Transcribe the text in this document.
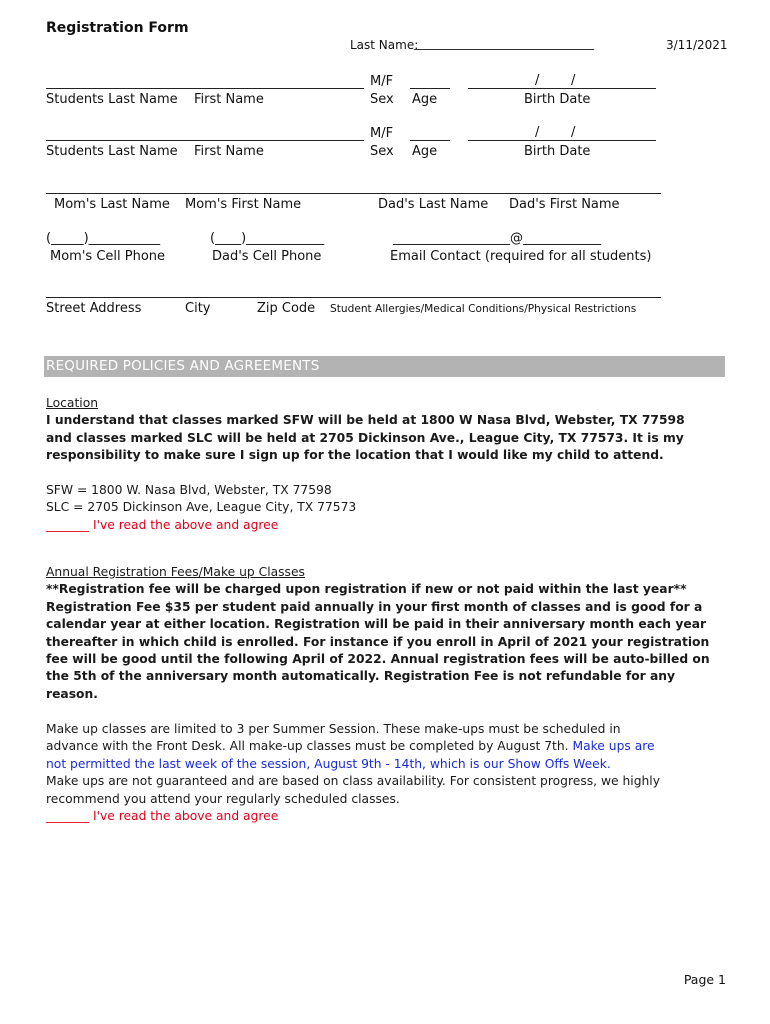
Registration Form
Last Name:
______________________________	3/11/2021
M/F	/ /
Students Last Name First Name	Sex Age	Birth Date
M/F	/ /
Students Last Name First Name	Sex Age	Birth Date
Mom's Last Name Mom's First Name	Dad's Last Name Dad's First Name
(_____)___________	(____)____________	__________________@____________
Mom's Cell Phone	Dad's Cell Phone	Email Contact (required for all students)
Street Address	City	Zip Code Student Allergies/Medical Conditions/Physical Restrictions
REQUIRED POLICIES AND AGREEMENTS
Location
I understand that classes marked SFW will be held at 1800 W Nasa Blvd, Webster, TX 77598
and classes marked SLC will be held at 2705 Dickinson Ave., League City, TX 77573. It is my
responsibility to make sure I sign up for the location that I would like my child to attend.
SFW = 1800 W. Nasa Blvd, Webster, TX 77598
SLC = 2705 Dickinson Ave, League City, TX 77573
_______ I've read the above and agree
Annual Registration Fees/Make up Classes
**Registration fee will be charged upon registration if new or not paid within the last year**
Registration Fee $35 per student paid annually in your first month of classes and is good for a
calendar year at either location. Registration will be paid in their anniversary month each year
thereafter in which child is enrolled. For instance if you enroll in April of 2021 your registration
fee will be good until the following April of 2022. Annual registration fees will be auto-billed on
the 5th of the anniversary month automatically. Registration Fee is not refundable for any
reason.
Make up classes are limited to 3 per Summer Session. These make-ups must be scheduled in
advance with the Front Desk. All make-up classes must be completed by August 7th. Make ups are
not permitted the last week of the session, August 9th - 14th, which is our Show Offs Week.
Make ups are not guaranteed and are based on class availability. For consistent progress, we highly
recommend you attend your regularly scheduled classes.
_______ I've read the above and agree
Page 1
